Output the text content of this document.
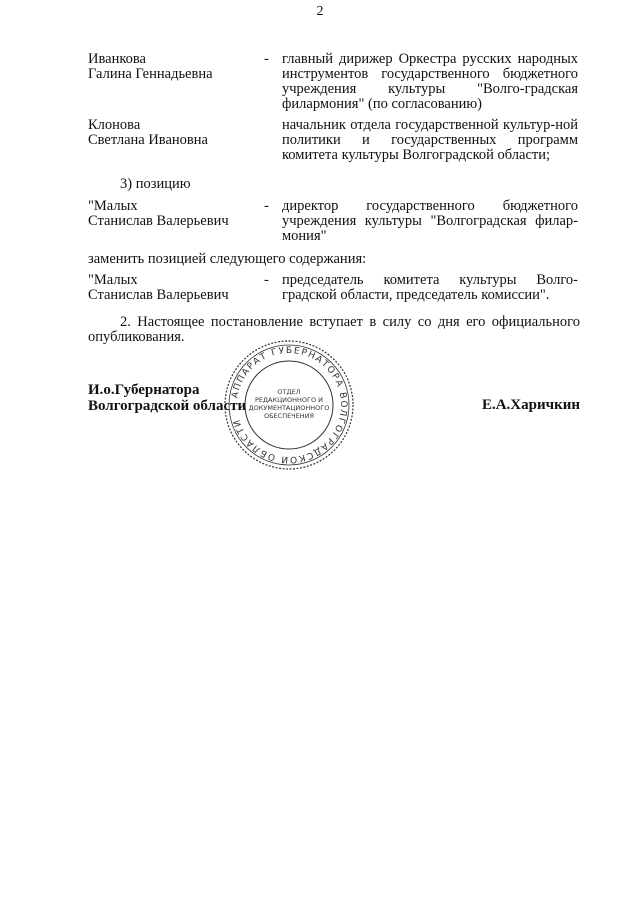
2
Иванкова
Галина Геннадьевна
- главный дирижер Оркестра русских народных инструментов государственного бюджетного учреждения культуры "Волго-градская филармония" (по согласованию)
Клонова
Светлана Ивановна
начальник отдела государственной культур-ной политики и государственных программ комитета культуры Волгоградской области;
3) позицию
"Малых
Станислав Валерьевич
- директор государственного бюджетного учреждения культуры "Волгоградская филар-мония"
заменить позицией следующего содержания:
"Малых
Станислав Валерьевич
- председатель комитета культуры Волго-градской области, председатель комиссии".
2. Настоящее постановление вступает в силу со дня его официального опубликования.
И.о.Губернатора
Волгоградской области	Е.А.Харичкин
АППАРАТ ГУБЕРНАТОРА ВОЛГОГРАДСКОЙ ОБЛАСТИ
ОТДЕЛ
РЕДАКЦИОННОГО И
ДОКУМЕНТАЦИОННОГО
ОБЕСПЕЧЕНИЯ
